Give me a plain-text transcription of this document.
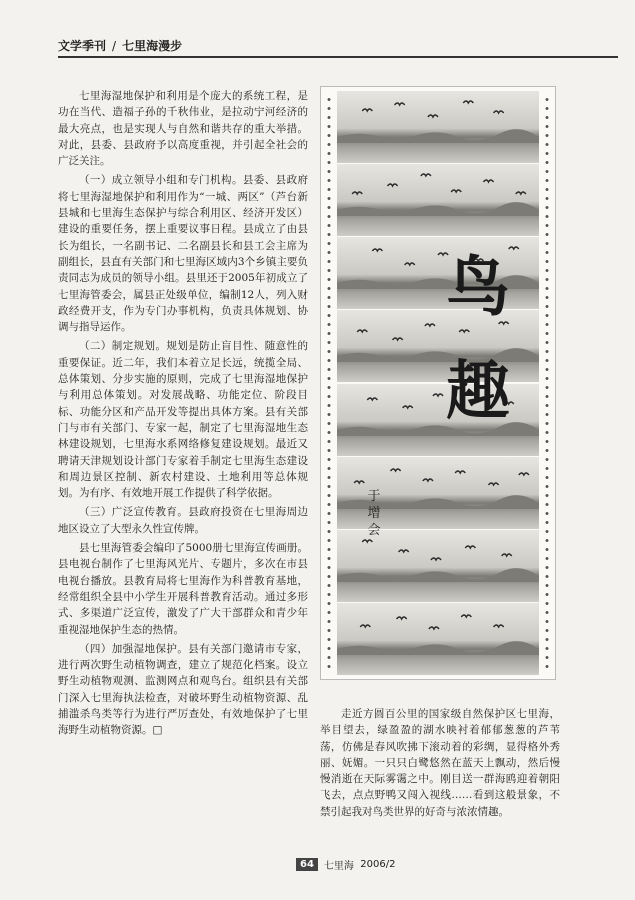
文学季刊 / 七里海漫步

七里海湿地保护和利用是个庞大的系统工程，是功在当代、造福子孙的千秋伟业，是拉动宁河经济的最大亮点，也是实现人与自然和谐共存的重大举措。对此，县委、县政府予以高度重视，并引起全社会的广泛关注。

（一）成立领导小组和专门机构。县委、县政府将七里海湿地保护和利用作为“一城、两区”（芦台新县城和七里海生态保护与综合利用区、经济开发区）建设的重要任务，摆上重要议事日程。县成立了由县长为组长，一名副书记、二名副县长和县工会主席为副组长，县直有关部门和七里海区域内3个乡镇主要负责同志为成员的领导小组。县里还于2005年初成立了七里海管委会，属县正处级单位，编制12人，列入财政经费开支，作为专门办事机构，负责具体规划、协调与指导运作。

（二）制定规划。规划是防止盲目性、随意性的重要保证。近二年，我们本着立足长远，统揽全局、总体策划、分步实施的原则，完成了七里海湿地保护与利用总体策划。对发展战略、功能定位、阶段目标、功能分区和产品开发等提出具体方案。县有关部门与市有关部门、专家一起，制定了七里海湿地生态林建设规划，七里海水系网络修复建设规划。最近又聘请天津规划设计部门专家着手制定七里海生态建设和周边景区控制、新农村建设、土地利用等总体规划。为有序、有效地开展工作提供了科学依据。

（三）广泛宣传教育。县政府投资在七里海周边地区设立了大型永久性宣传牌。

县七里海管委会编印了5000册七里海宣传画册。县电视台制作了七里海风光片、专题片，多次在市县电视台播放。县教育局将七里海作为科普教育基地，经常组织全县中小学生开展科普教育活动。通过多形式、多渠道广泛宣传，激发了广大干部群众和青少年重视湿地保护生态的热情。

（四）加强湿地保护。县有关部门邀请市专家，进行两次野生动植物调查，建立了规范化档案。设立野生动植物观测、监测网点和观鸟台。组织县有关部门深入七里海执法检查，对破坏野生动植物资源、乱捕滥杀鸟类等行为进行严厉查处，有效地保护了七里海野生动植物资源。□

鸟
趣
于
增
会

走近方圆百公里的国家级自然保护区七里海，举目望去，绿盈盈的湖水映衬着郁郁葱葱的芦苇荡，仿佛是春风吹拂下滚动着的彩绸，显得格外秀丽、妩媚。一只只白鹭悠然在蓝天上飘动，然后慢慢消逝在天际雾霭之中。刚目送一群海鸥迎着朝阳飞去，点点野鸭又闯入视线……看到这般景象，不禁引起我对鸟类世界的好奇与浓浓情趣。

64	七里海
2006/2
